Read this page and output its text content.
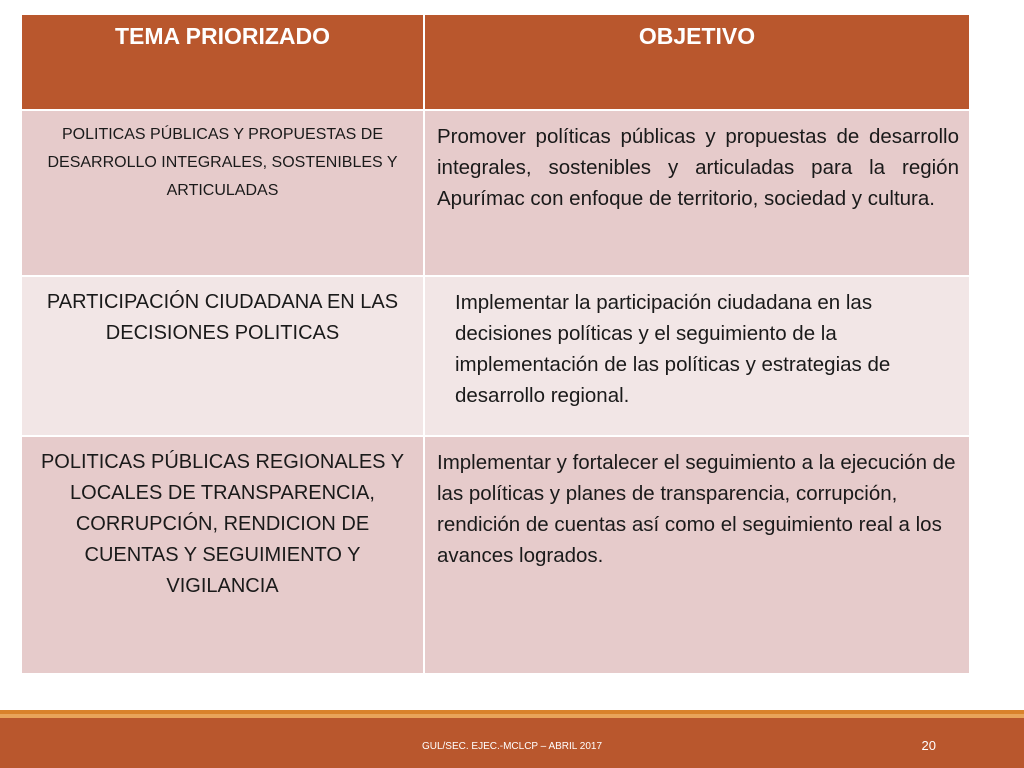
TEMA PRIORIZADO	OBJETIVO
POLITICAS PÚBLICAS Y PROPUESTAS DE DESARROLLO INTEGRALES, SOSTENIBLES Y ARTICULADAS	Promover políticas públicas y propuestas de desarrollo integrales, sostenibles y articuladas para la región Apurímac con enfoque de territorio, sociedad y cultura.
PARTICIPACIÓN CIUDADANA EN LAS DECISIONES POLITICAS	Implementar la participación ciudadana en las decisiones políticas y el seguimiento de la implementación de las políticas y estrategias de desarrollo regional.
POLITICAS PÚBLICAS REGIONALES Y LOCALES DE TRANSPARENCIA, CORRUPCIÓN, RENDICION DE CUENTAS Y SEGUIMIENTO Y VIGILANCIA	Implementar y fortalecer el seguimiento a la ejecución de las políticas y planes de transparencia, corrupción, rendición de cuentas así como el seguimiento real a los avances logrados.
GUL/SEC. EJEC.-MCLCP – ABRIL 2017	20
